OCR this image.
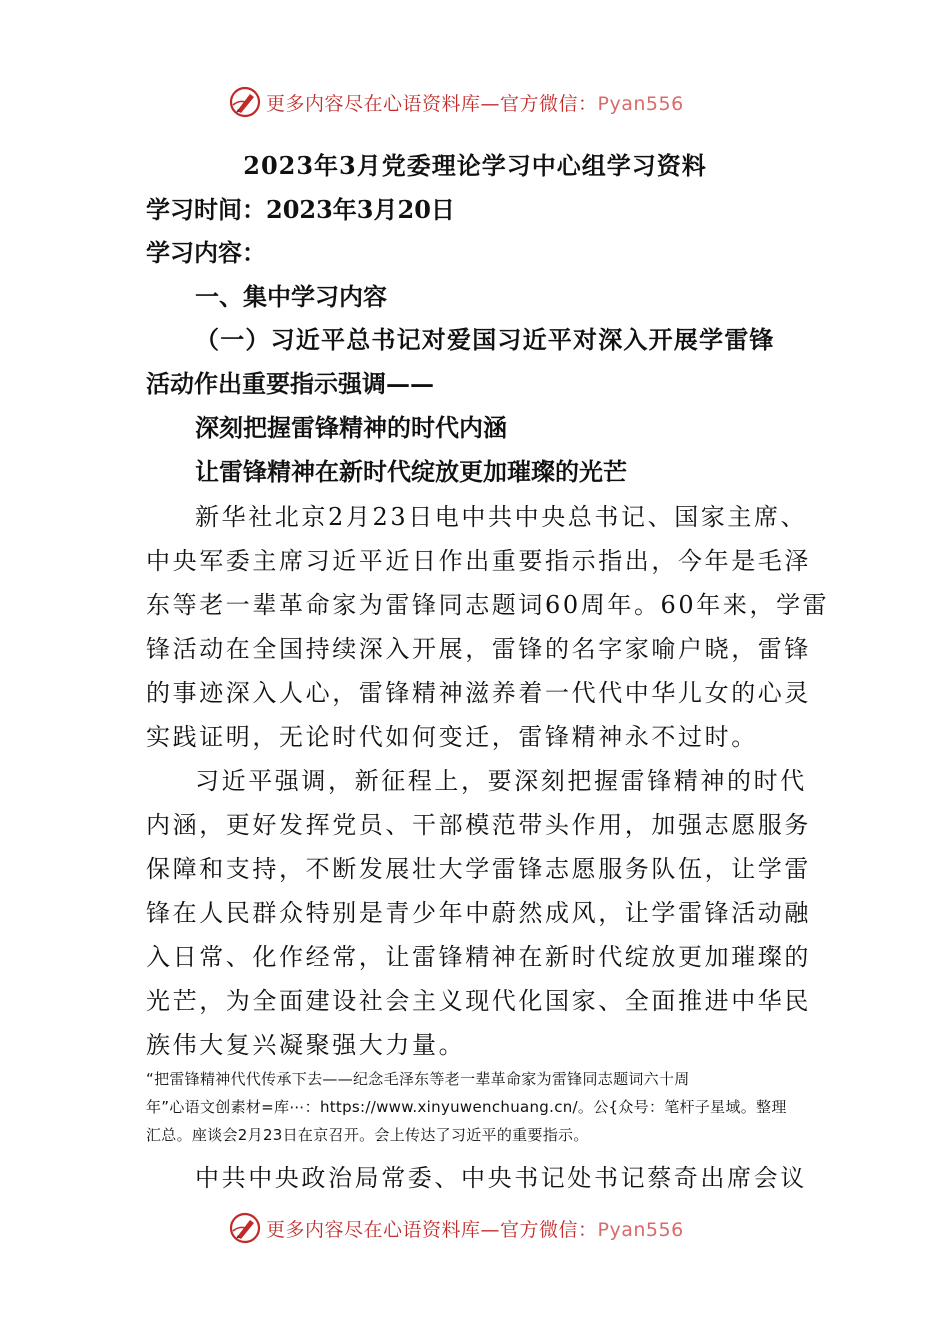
更多内容尽在心语资料库—官方微信：Pyan556

2023年3月党委理论学习中心组学习资料

学习时间：2023年3月20日

学习内容：

一、集中学习内容

（一）习近平总书记对爱国习近平对深入开展学雷锋

活动作出重要指示强调——

深刻把握雷锋精神的时代内涵

让雷锋精神在新时代绽放更加璀璨的光芒

新华社北京2月23日电中共中央总书记、国家主席、

中央军委主席习近平近日作出重要指示指出，今年是毛泽

东等老一辈革命家为雷锋同志题词60周年。60年来，学雷

锋活动在全国持续深入开展，雷锋的名字家喻户晓，雷锋

的事迹深入人心，雷锋精神滋养着一代代中华儿女的心灵

实践证明，无论时代如何变迁，雷锋精神永不过时。

习近平强调，新征程上，要深刻把握雷锋精神的时代

内涵，更好发挥党员、干部模范带头作用，加强志愿服务

保障和支持，不断发展壮大学雷锋志愿服务队伍，让学雷

锋在人民群众特别是青少年中蔚然成风，让学雷锋活动融

入日常、化作经常，让雷锋精神在新时代绽放更加璀璨的

光芒，为全面建设社会主义现代化国家、全面推进中华民

族伟大复兴凝聚强大力量。

“把雷锋精神代代传承下去——纪念毛泽东等老一辈革命家为雷锋同志题词六十周

年”心语文创素材=库⋯：https://www.xinyuwenchuang.cn/。公{众号：笔杆子星域。整理

汇总。座谈会2月23日在京召开。会上传达了习近平的重要指示。

中共中央政治局常委、中央书记处书记蔡奇出席会议

更多内容尽在心语资料库—官方微信：Pyan556
